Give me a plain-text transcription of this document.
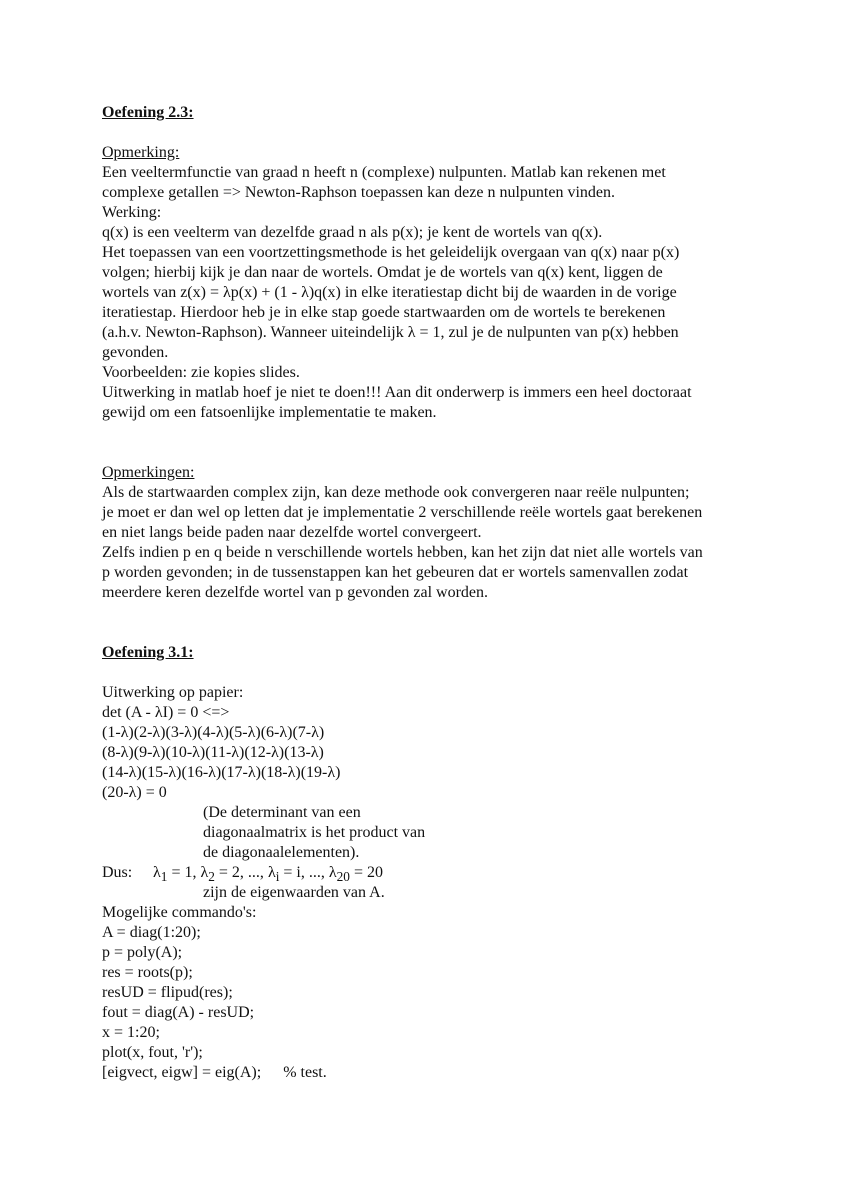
Oefening 2.3:
Opmerking:
Een veeltermfunctie van graad n heeft n (complexe) nulpunten. Matlab kan rekenen met
complexe getallen => Newton-Raphson toepassen kan deze n nulpunten vinden.
Werking:
q(x) is een veelterm van dezelfde graad n als p(x); je kent de wortels van q(x).
Het toepassen van een voortzettingsmethode is het geleidelijk overgaan van q(x) naar p(x)
volgen; hierbij kijk je dan naar de wortels. Omdat je de wortels van q(x) kent, liggen de
wortels van z(x) = λp(x) + (1 - λ)q(x) in elke iteratiestap dicht bij de waarden in de vorige
iteratiestap. Hierdoor heb je in elke stap goede startwaarden om de wortels te berekenen
(a.h.v. Newton-Raphson). Wanneer uiteindelijk λ = 1, zul je de nulpunten van p(x) hebben
gevonden.
Voorbeelden: zie kopies slides.
Uitwerking in matlab hoef je niet te doen!!! Aan dit onderwerp is immers een heel doctoraat
gewijd om een fatsoenlijke implementatie te maken.
Opmerkingen:
Als de startwaarden complex zijn, kan deze methode ook convergeren naar reële nulpunten;
je moet er dan wel op letten dat je implementatie 2 verschillende reële wortels gaat berekenen
en niet langs beide paden naar dezelfde wortel convergeert.
Zelfs indien p en q beide n verschillende wortels hebben, kan het zijn dat niet alle wortels van
p worden gevonden; in de tussenstappen kan het gebeuren dat er wortels samenvallen zodat
meerdere keren dezelfde wortel van p gevonden zal worden.
Oefening 3.1:
Uitwerking op papier:
det (A - λI) = 0 <=>
(1-λ)(2-λ)(3-λ)(4-λ)(5-λ)(6-λ)(7-λ)
(8-λ)(9-λ)(10-λ)(11-λ)(12-λ)(13-λ)
(14-λ)(15-λ)(16-λ)(17-λ)(18-λ)(19-λ)
(20-λ) = 0
(De determinant van een
diagonaalmatrix is het product van
de diagonaalelementen).
Dus: $\lambda_1 = 1$, $\lambda_2 = 2$, ..., $\lambda_i = i$, ..., $\lambda_{20} = 20$
zijn de eigenwaarden van A.
Mogelijke commando's:
A = diag(1:20);
p = poly(A);
res = roots(p);
resUD = flipud(res);
fout = diag(A) - resUD;
x = 1:20;
plot(x, fout, 'r');
[eigvect, eigw] = eig(A); % test.
